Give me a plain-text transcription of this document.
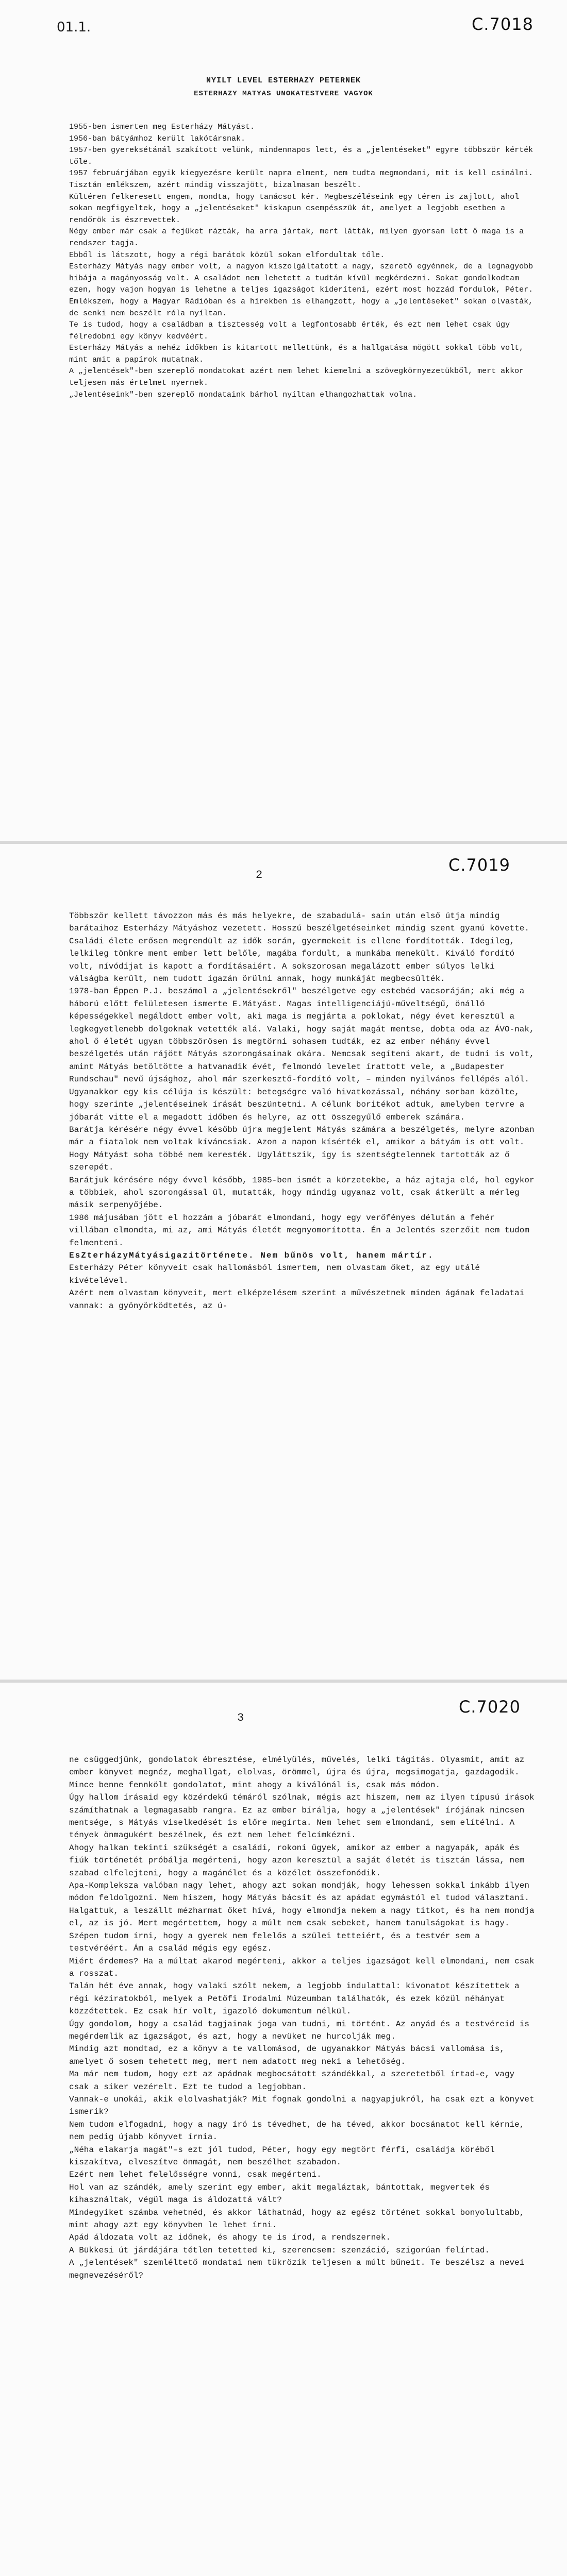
01.1.	C.7018
NYILT LEVEL ESTERHAZY PETERNEK
ESTERHAZY MATYAS UNOKATESTVERE VAGYOK

1955-ben ismerten meg Esterházy Mátyást.

1956-ban bátyámhoz került lakótársnak.

1957-ben gyereksétánál szakított velünk, mindennapos lett, és a „jelentéseket" egyre többször kérték tőle.

1957 februárjában egyik kiegyezésre került napra elment, nem tudta megmondani, mit is kell csinálni.

Tisztán emlékszem, azért mindig visszajött, bizalmasan beszélt.

Kültéren felkeresett engem, mondta, hogy tanácsot kér. Megbeszéléseink egy téren is zajlott, ahol sokan megfigyeltek, hogy a „jelentéseket" kiskapun csempésszük át, amelyet a legjobb esetben a rendőrök is észrevettek.

Négy ember már csak a fejüket rázták, ha arra jártak, mert látták, milyen gyorsan lett ő maga is a rendszer tagja.

Ebből is látszott, hogy a régi barátok közül sokan elfordultak tőle.

Esterházy Mátyás nagy ember volt, a nagyon kiszolgáltatott a nagy, szerető egyénnek, de a legnagyobb hibája a magányosság volt. A családot nem lehetett a tudtán kívül megkérdezni. Sokat gondolkodtam ezen, hogy vajon hogyan is lehetne a teljes igazságot kideríteni, ezért most hozzád fordulok, Péter.

Emlékszem, hogy a Magyar Rádióban és a hírekben is elhangzott, hogy a „jelentéseket" sokan olvasták, de senki nem beszélt róla nyíltan.

Te is tudod, hogy a családban a tisztesség volt a legfontosabb érték, és ezt nem lehet csak úgy félredobni egy könyv kedvéért.

Esterházy Mátyás a nehéz időkben is kitartott mellettünk, és a hallgatása mögött sokkal több volt, mint amit a papírok mutatnak.

A „jelentések"-ben szereplő mondatokat azért nem lehet kiemelni a szövegkörnyezetükből, mert akkor teljesen más értelmet nyernek.

„Jelentéseink"-ben szereplő mondataink bárhol nyíltan elhangozhattak volna.

2
C.7019

Többször kellett távozzon más és más helyekre, de szabadulá- sain után első útja mindig barátaihoz Esterházy Mátyáshoz vezetett. Hosszú beszélgetéseinket mindig szent gyanú követte.

Családi élete erősen megrendült az idők során, gyermekeit is ellene fordították. Idegileg, lelkileg tönkre ment ember lett belőle, magába fordult, a munkába menekült. Kiváló fordító volt, nívódíjat is kapott a fordításaiért. A sokszorosan megalázott ember súlyos lelki válságba került, nem tudott igazán örülni annak, hogy munkáját megbecsülték.

1978-ban Éppen P.J. beszámol a „jelentésekről" beszélgetve egy estebéd vacsoráján; aki még a háború előtt felületesen ismerte E.Mátyást. Magas intelligenciájú-műveltségű, önálló képességekkel megáldott ember volt, aki maga is megjárta a poklokat, négy évet keresztül a legkegyetlenebb dolgoknak vetették alá. Valaki, hogy saját magát mentse, dobta oda az ÁVO-nak, ahol ő életét ugyan többszörösen is megtörni sohasem tudták, ez az ember néhány évvel beszélgetés után rájött Mátyás szorongásainak okára. Nemcsak segíteni akart, de tudni is volt, amint Mátyás betöltötte a hatvanadik évét, felmondó levelet írattott vele, a „Budapester Rundschau" nevű újsághoz, ahol már szerkesztő-fordító volt, – minden nyilvános fellépés alól.

Ugyanakkor egy kis célúja is készült: betegségre való hivatkozással, néhány sorban közölte, hogy szerinte „jelentéseinek írását beszüntetni. A célunk boritékot adtuk, amelyben tervre a jóbarát vitte el a megadott időben és helyre, az ott összegyűlő emberek számára.

Barátja kérésére négy évvel később újra megjelent Mátyás számára a beszélgetés, melyre azonban már a fiatalok nem voltak kíváncsiak. Azon a napon kísérték el, amikor a bátyám is ott volt. Hogy Mátyást soha többé nem keresték. Ugyláttszik, így is szentségtelennek tartották az ő szerepét.

Barátjuk kérésére négy évvel később, 1985-ben ismét a körzetekbe, a ház ajtaja elé, hol egykor a többiek, ahol szorongással ül, mutatták, hogy mindig ugyanaz volt, csak átkerült a mérleg másik serpenyőjébe.

1986 májusában jött el hozzám a jóbarát elmondani, hogy egy verőfényes délután a fehér villában elmondta, mi az, ami Mátyás életét megnyomorította. Én a Jelentés szerzőit nem tudom felmenteni.

EsZterházyMátyásigazitörténete. Nem bűnös volt, hanem mártír.

Esterházy Péter könyveit csak hallomásból ismertem, nem olvastam őket, az egy utálé kivételével.

Azért nem olvastam könyveit, mert elképzelésem szerint a művészetnek minden ágának feladatai vannak: a gyönyörködtetés, az ú-

3
C.7020

ne csüggedjünk, gondolatok ébresztése, elmélyülés, művelés, lelki tágítás. Olyasmit, amit az ember könyvet megnéz, meghallgat, elolvas, örömmel, újra és újra, megsimogatja, gazdagodik. Mince benne fennkölt gondolatot, mint ahogy a kiválónál is, csak más módon.

Úgy hallom írásaid egy közérdekű témáról szólnak, mégis azt hiszem, nem az ilyen típusú írások számíthatnak a legmagasabb rangra. Ez az ember bírálja, hogy a „jelentések" írójának nincsen mentsége, s Mátyás viselkedését is előre megírta. Nem lehet sem elmondani, sem elítélni. A tények önmagukért beszélnek, és ezt nem lehet felcímkézni.

Ahogy halkan tekinti szükségét a családi, rokoni ügyek, amikor az ember a nagyapák, apák és fiúk történetét próbálja megérteni, hogy azon keresztül a saját életét is tisztán lássa, nem szabad elfelejteni, hogy a magánélet és a közélet összefonódik.

Apa-Kompleksza valóban nagy lehet, ahogy azt sokan mondják, hogy lehessen sokkal inkább ilyen módon feldolgozni. Nem hiszem, hogy Mátyás bácsit és az apádat egymástól el tudod választani.

Halgattuk, a leszállt mézharmat őket hívá, hogy elmondja nekem a nagy titkot, és ha nem mondja el, az is jó. Mert megértettem, hogy a múlt nem csak sebeket, hanem tanulságokat is hagy.

Szépen tudom írni, hogy a gyerek nem felelős a szülei tetteiért, és a testvér sem a testvéréért. Ám a család mégis egy egész.

Miért érdemes? Ha a múltat akarod megérteni, akkor a teljes igazságot kell elmondani, nem csak a rosszat.

Talán hét éve annak, hogy valaki szólt nekem, a legjobb indulattal: kivonatot készítettek a régi kéziratokból, melyek a Petőfi Irodalmi Múzeumban találhatók, és ezek közül néhányat közzétettek. Ez csak hír volt, igazoló dokumentum nélkül.

Úgy gondolom, hogy a család tagjainak joga van tudni, mi történt. Az anyád és a testvéreid is megérdemlik az igazságot, és azt, hogy a nevüket ne hurcolják meg.

Mindig azt mondtad, ez a könyv a te vallomásod, de ugyanakkor Mátyás bácsi vallomása is, amelyet ő sosem tehetett meg, mert nem adatott meg neki a lehetőség.

Ma már nem tudom, hogy ezt az apádnak megbocsátott szándékkal, a szeretetből írtad-e, vagy csak a siker vezérelt. Ezt te tudod a legjobban.

Vannak-e unokái, akik elolvashatják? Mit fognak gondolni a nagyapjukról, ha csak ezt a könyvet ismerik?

Nem tudom elfogadni, hogy a nagy író is tévedhet, de ha téved, akkor bocsánatot kell kérnie, nem pedig újabb könyvet írnia.

„Néha elakarja magát"–s ezt jól tudod, Péter, hogy egy megtört férfi, családja köréből kiszakítva, elveszítve önmagát, nem beszélhet szabadon.

Ezért nem lehet felelősségre vonni, csak megérteni.

Hol van az szándék, amely szerint egy ember, akit megaláztak, bántottak, megvertek és kihasználtak, végül maga is áldozattá vált?

Mindegyiket számba vehetnéd, és akkor láthatnád, hogy az egész történet sokkal bonyolultabb, mint ahogy azt egy könyvben le lehet írni.

Apád áldozata volt az időnek, és ahogy te is írod, a rendszernek.

A Bükkesi út járdájára tétlen tetetted ki, szerencsem: szenzáció, szigorúan felírtad.

A „jelentések" szemléltető mondatai nem tükrözik teljesen a múlt bűneit. Te beszélsz a nevei megnevezéséről?
